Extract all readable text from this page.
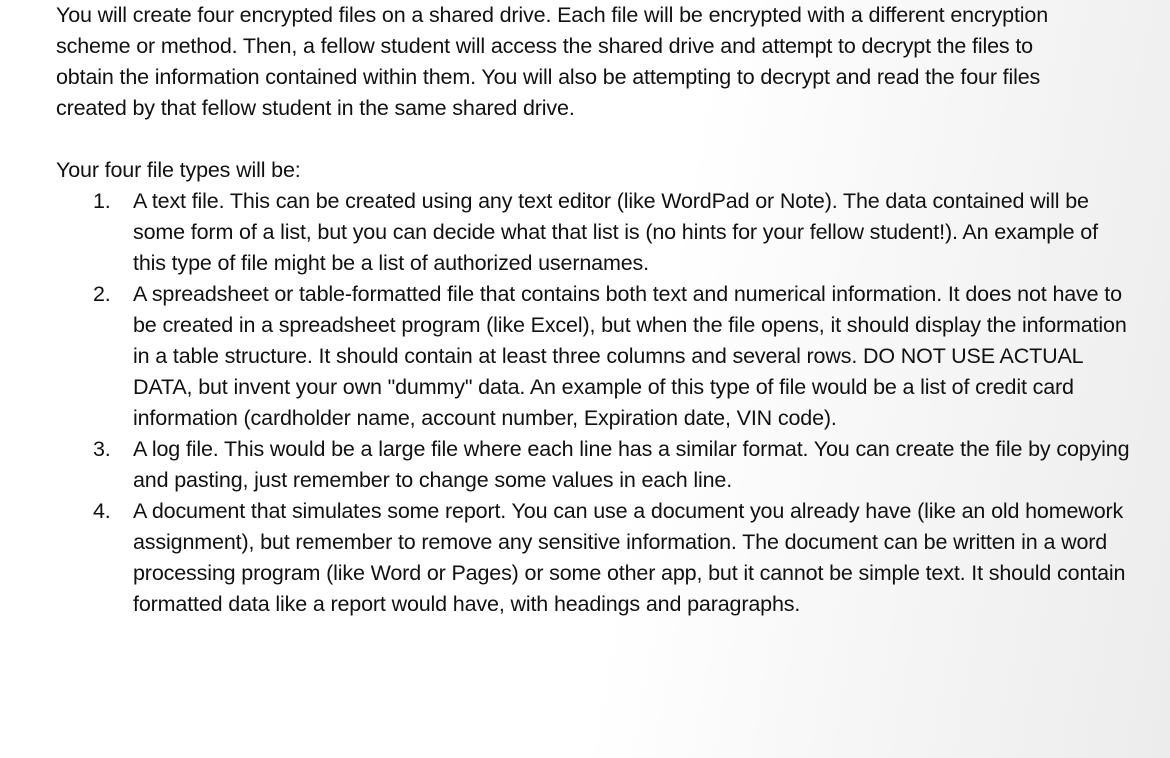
You will create four encrypted files on a shared drive. Each file will be encrypted with a different encryption scheme or method. Then, a fellow student will access the shared drive and attempt to decrypt the files to obtain the information contained within them. You will also be attempting to decrypt and read the four files created by that fellow student in the same shared drive.

Your four file types will be:

1. A text file. This can be created using any text editor (like WordPad or Note). The data contained will be some form of a list, but you can decide what that list is (no hints for your fellow student!). An example of this type of file might be a list of authorized usernames.
2. A spreadsheet or table-formatted file that contains both text and numerical information. It does not have to be created in a spreadsheet program (like Excel), but when the file opens, it should display the information in a table structure. It should contain at least three columns and several rows. DO NOT USE ACTUAL DATA, but invent your own "dummy" data. An example of this type of file would be a list of credit card information (cardholder name, account number, Expiration date, VIN code).
3. A log file. This would be a large file where each line has a similar format. You can create the file by copying and pasting, just remember to change some values in each line.
4. A document that simulates some report. You can use a document you already have (like an old homework assignment), but remember to remove any sensitive information. The document can be written in a word processing program (like Word or Pages) or some other app, but it cannot be simple text. It should contain formatted data like a report would have, with headings and paragraphs.
